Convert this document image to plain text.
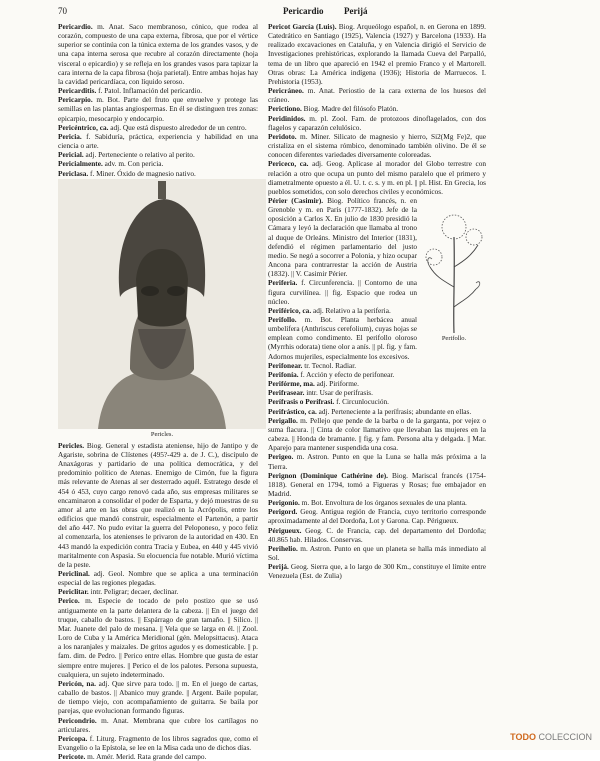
70	Pericardio Perijá

Pericardio. m. Anat. Saco membranoso, cónico, que rodea al corazón, compuesto de una capa externa, fibrosa, que por el vértice superior se continúa con la túnica externa de los grandes vasos, y de una capa interna serosa que recubre al corazón directamente (hoja visceral o epicardio) y se refleja en los grandes vasos para tapizar la cara interna de la capa fibrosa (hoja parietal). Entre ambas hojas hay la cavidad pericardíaca, con líquido seroso.

Pericarditis. f. Patol. Inflamación del pericardio.

Pericarpio. m. Bot. Parte del fruto que envuelve y protege las semillas en las plantas angiospermas. En él se distinguen tres zonas: epicarpio, mesocarpio y endocarpio.

Pericéntrico, ca. adj. Que está dispuesto alrededor de un centro.

Pericia. f. Sabiduría, práctica, experiencia y habilidad en una ciencia o arte.

Pericial. adj. Perteneciente o relativo al perito.

Pericialmente. adv. m. Con pericia.

Periclasa. f. Miner. Óxido de magnesio nativo.

Pericles.

Pericles. Biog. General y estadista ateniense, hijo de Jantipo y de Agariste, sobrina de Clístenes (495?-429 a. de J. C.), discípulo de Anaxágoras y partidario de una política democrática, y del predominio político de Atenas. Enemigo de Cimón, fue la figura más relevante de Atenas al ser desterrado aquél. Estratego desde el 454 ó 453, cuyo cargo renovó cada año, sus empresas militares se encaminaron a consolidar el poder de Esparta, y dejó muestras de su amor al arte en las obras que realizó en la Acrópolis, entre los edificios que mandó construir, especialmente el Partenón, a partir del año 447. No pudo evitar la guerra del Peloponeso, y poco feliz al comenzarla, los atenienses le privaron de la autoridad en 430. En 443 mandó la expedición contra Tracia y Eubea, en 440 y 445 vivió maritalmente con Aspasia. Su elocuencia fue notable. Murió víctima de la peste.

Periclinal. adj. Geol. Nombre que se aplica a una terminación especial de las regiones plegadas.

Periclitar. intr. Peligrar; decaer, declinar.

Perico. m. Especie de tocado de pelo postizo que se usó antiguamente en la parte delantera de la cabeza. || En el juego del truque, caballo de bastos. || Espárrago de gran tamaño. || Silico. || Mar. Juanete del palo de mesana. || Vela que se larga en él. || Zool. Loro de Cuba y la América Meridional (gén. Melopsittacus). Ataca a los naranjales y maizales. De gritos agudos y es domesticable. || p. fam. dim. de Pedro. || Perico entre ellas. Hombre que gusta de estar siempre entre mujeres. || Perico el de los palotes. Persona supuesta, cualquiera, un sujeto indeterminado.

Pericón, na. adj. Que sirve para todo. || m. En el juego de cartas, caballo de bastos. || Abanico muy grande. || Argent. Baile popular, de tiempo viejo, con acompañamiento de guitarra. Se baila por parejas, que evolucionan formando figuras.

Pericondrio. m. Anat. Membrana que cubre los cartílagos no articulares.

Perícopa. f. Liturg. Fragmento de los libros sagrados que, como el Evangelio o la Epístola, se lee en la Misa cada uno de dichos días.

Pericote. m. Amér. Merid. Rata grande del campo.

Pericot García (Luis). Biog. Arqueólogo español, n. en Gerona en 1899. Catedrático en Santiago (1925), Valencia (1927) y Barcelona (1933). Ha realizado excavaciones en Cataluña, y en Valencia dirigió el Servicio de Investigaciones prehistóricas, explorando la llamada Cueva del Parpalló, tema de un libro que apareció en 1942 el premio Franco y el Martorell. Otras obras: La América indígena (1936); Historia de Marruecos. I. Prehistoria (1953).

Pericráneo. m. Anat. Periostio de la cara externa de los huesos del cráneo.

Perictiono. Biog. Madre del filósofo Platón.

Peridinidos. m. pl. Zool. Fam. de protozoos dinoflagelados, con dos flagelos y caparazón celulósico.

Peridoto. m. Miner. Silicato de magnesio y hierro, Si2(Mg Fe)2, que cristaliza en el sistema rómbico, denominado también olivino. De él se conocen diferentes variedades diversamente coloreadas.

Periceco, ca. adj. Geog. Aplícase al morador del Globo terrestre con relación a otro que ocupa un punto del mismo paralelo que el primero y diametralmente opuesto a él. U. t. c. s. y m. en pl. || pl. Hist. En Grecia, los pueblos sometidos, con solo derechos civiles y económicos.

Perifollo.

Périer (Casimir). Biog. Político francés, n. en Grenoble y m. en París (1777-1832). Jefe de la oposición a Carlos X. En julio de 1830 presidió la Cámara y leyó la declaración que llamaba al trono al duque de Orleáns. Ministro del Interior (1831), defendió el régimen parlamentario del justo medio. Se negó a socorrer a Polonia, y hizo ocupar Ancona para contrarrestar la acción de Austria (1832). || V. Casimir Périer.

Periferia. f. Circunferencia. || Contorno de una figura curvilínea. || fig. Espacio que rodea un núcleo.

Periférico, ca. adj. Relativo a la periferia.

Perifollo. m. Bot. Planta herbácea anual umbelífera (Anthriscus cerefolium), cuyas hojas se emplean como condimento. El perifollo oloroso (Myrrhis odorata) tiene olor a anís. || pl. fig. y fam. Adornos mujeriles, especialmente los excesivos.

Perifonear. tr. Tecnol. Radiar.

Perifonía. f. Acción y efecto de perifonear.

Perifórme, ma. adj. Piriforme.

Perifrasear. intr. Usar de perífrasis.

Perífrasis o Perífrasi. f. Circunlocución.

Perifrástico, ca. adj. Perteneciente a la perífrasis; abundante en ellas.

Perigallo. m. Pellejo que pende de la barba o de la garganta, por vejez o suma flacura. || Cinta de color llamativo que llevaban las mujeres en la cabeza. || Honda de bramante. || fig. y fam. Persona alta y delgada. || Mar. Aparejo para mantener suspendida una cosa.

Perigeo. m. Astron. Punto en que la Luna se halla más próxima a la Tierra.

Perignon (Dominique Cathérine de). Biog. Mariscal francés (1754-1818). General en 1794, tomó a Figueras y Rosas; fue embajador en Madrid.

Perigonio. m. Bot. Envoltura de los órganos sexuales de una planta.

Perigord. Geog. Antigua región de Francia, cuyo territorio corresponde aproximadamente al del Dordoña, Lot y Garona. Cap. Périgueux.

Périgueux. Geog. C. de Francia, cap. del departamento del Dordoña; 40.865 hab. Hilados. Conservas.

Perihelio. m. Astron. Punto en que un planeta se halla más inmediato al Sol.

Perijá. Geog. Sierra que, a lo largo de 300 Km., constituye el límite entre Venezuela (Est. de Zulia)

TODO COLECCION
